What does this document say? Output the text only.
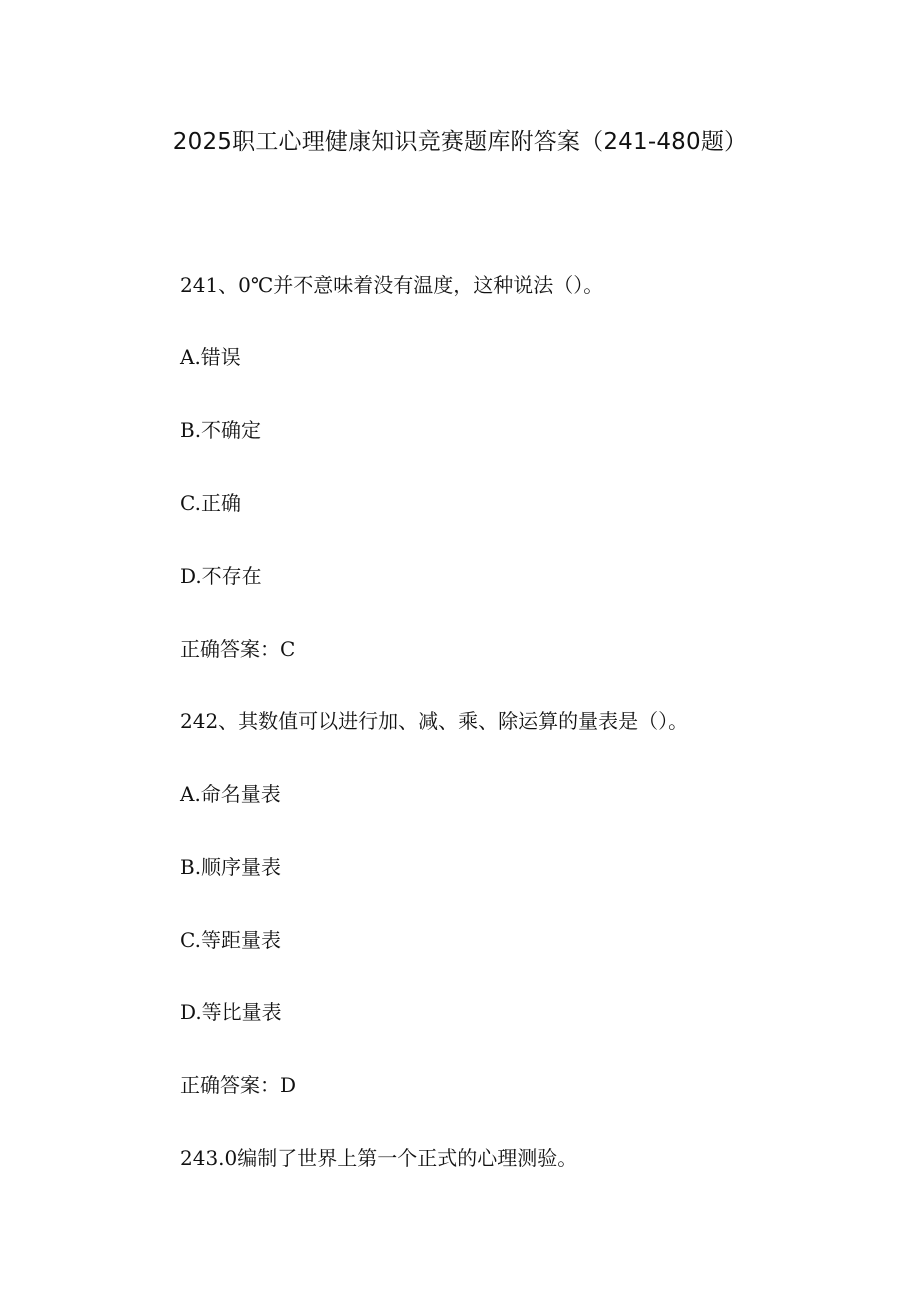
2025职工心理健康知识竞赛题库附答案（241-480题）
241、0℃并不意味着没有温度，这种说法（）。
A.错误
B.不确定
C.正确
D.不存在
正确答案：C
242、其数值可以进行加、减、乘、除运算的量表是（）。
A.命名量表
B.顺序量表
C.等距量表
D.等比量表
正确答案：D
243.0编制了世界上第一个正式的心理测验。
